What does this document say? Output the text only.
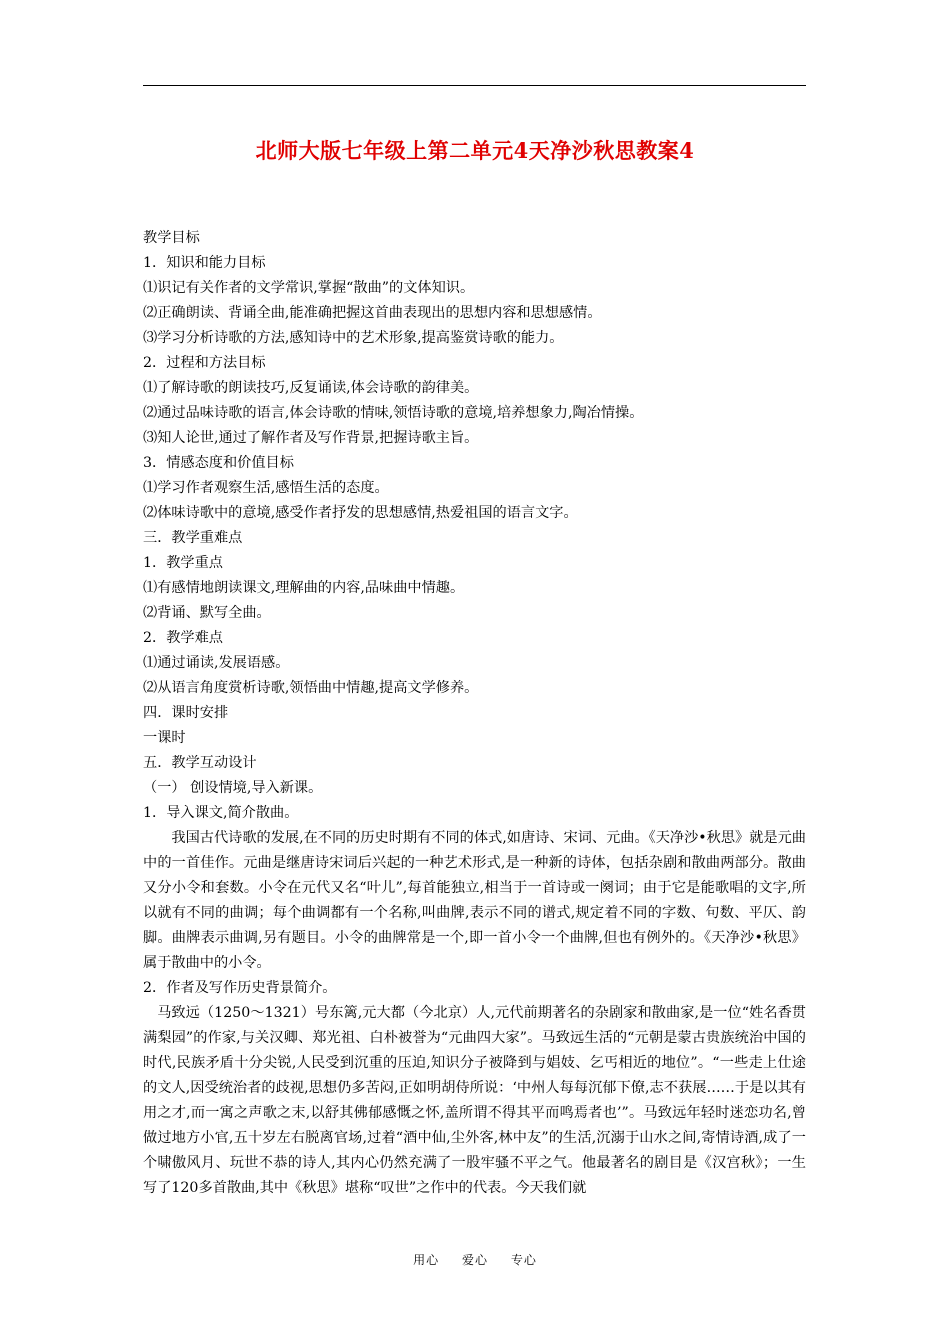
北师大版七年级上第二单元4天净沙秋思教案4
教学目标
1．知识和能力目标
⑴识记有关作者的文学常识,掌握“散曲”的文体知识。
⑵正确朗读、背诵全曲,能准确把握这首曲表现出的思想内容和思想感情。
⑶学习分析诗歌的方法,感知诗中的艺术形象,提高鉴赏诗歌的能力。
2．过程和方法目标
⑴了解诗歌的朗读技巧,反复诵读,体会诗歌的韵律美。
⑵通过品味诗歌的语言,体会诗歌的情味,领悟诗歌的意境,培养想象力,陶冶情操。
⑶知人论世,通过了解作者及写作背景,把握诗歌主旨。
3．情感态度和价值目标
⑴学习作者观察生活,感悟生活的态度。
⑵体味诗歌中的意境,感受作者抒发的思想感情,热爱祖国的语言文字。
三．教学重难点
1．教学重点
⑴有感情地朗读课文,理解曲的内容,品味曲中情趣。
⑵背诵、默写全曲。
2．教学难点
⑴通过诵读,发展语感。
⑵从语言角度赏析诗歌,领悟曲中情趣,提高文学修养。
四．课时安排
一课时
五．教学互动设计
（一） 创设情境,导入新课。
1．导入课文,简介散曲。

我国古代诗歌的发展,在不同的历史时期有不同的体式,如唐诗、宋词、元曲。《天净沙•秋思》就是元曲中的一首佳作。元曲是继唐诗宋词后兴起的一种艺术形式,是一种新的诗体，包括杂剧和散曲两部分。散曲又分小令和套数。小令在元代又名“叶儿”,每首能独立,相当于一首诗或一阕词；由于它是能歌唱的文字,所以就有不同的曲调；每个曲调都有一个名称,叫曲牌,表示不同的谱式,规定着不同的字数、句数、平仄、韵脚。曲牌表示曲调,另有题目。小令的曲牌常是一个,即一首小令一个曲牌,但也有例外的。《天净沙•秋思》属于散曲中的小令。

2．作者及写作历史背景简介。

马致远（1250～1321）号东篱,元大都（今北京）人,元代前期著名的杂剧家和散曲家,是一位“姓名香贯满梨园”的作家,与关汉卿、郑光祖、白朴被誉为“元曲四大家”。马致远生活的“元朝是蒙古贵族统治中国的时代,民族矛盾十分尖锐,人民受到沉重的压迫,知识分子被降到与娼妓、乞丐相近的地位”。“一些走上仕途的文人,因受统治者的歧视,思想仍多苦闷,正如明胡侍所说：‘中州人每每沉郁下僚,志不获展……于是以其有用之才,而一寓之声歌之末,以舒其佛郁感慨之怀,盖所谓不得其平而鸣焉者也’”。马致远年轻时迷恋功名,曾做过地方小官,五十岁左右脱离官场,过着“酒中仙,尘外客,林中友”的生活,沉溺于山水之间,寄情诗酒,成了一个啸傲风月、玩世不恭的诗人,其内心仍然充满了一股牢骚不平之气。他最著名的剧目是《汉宫秋》；一生写了120多首散曲,其中《秋思》堪称“叹世”之作中的代表。今天我们就

用心 爱心 专心
